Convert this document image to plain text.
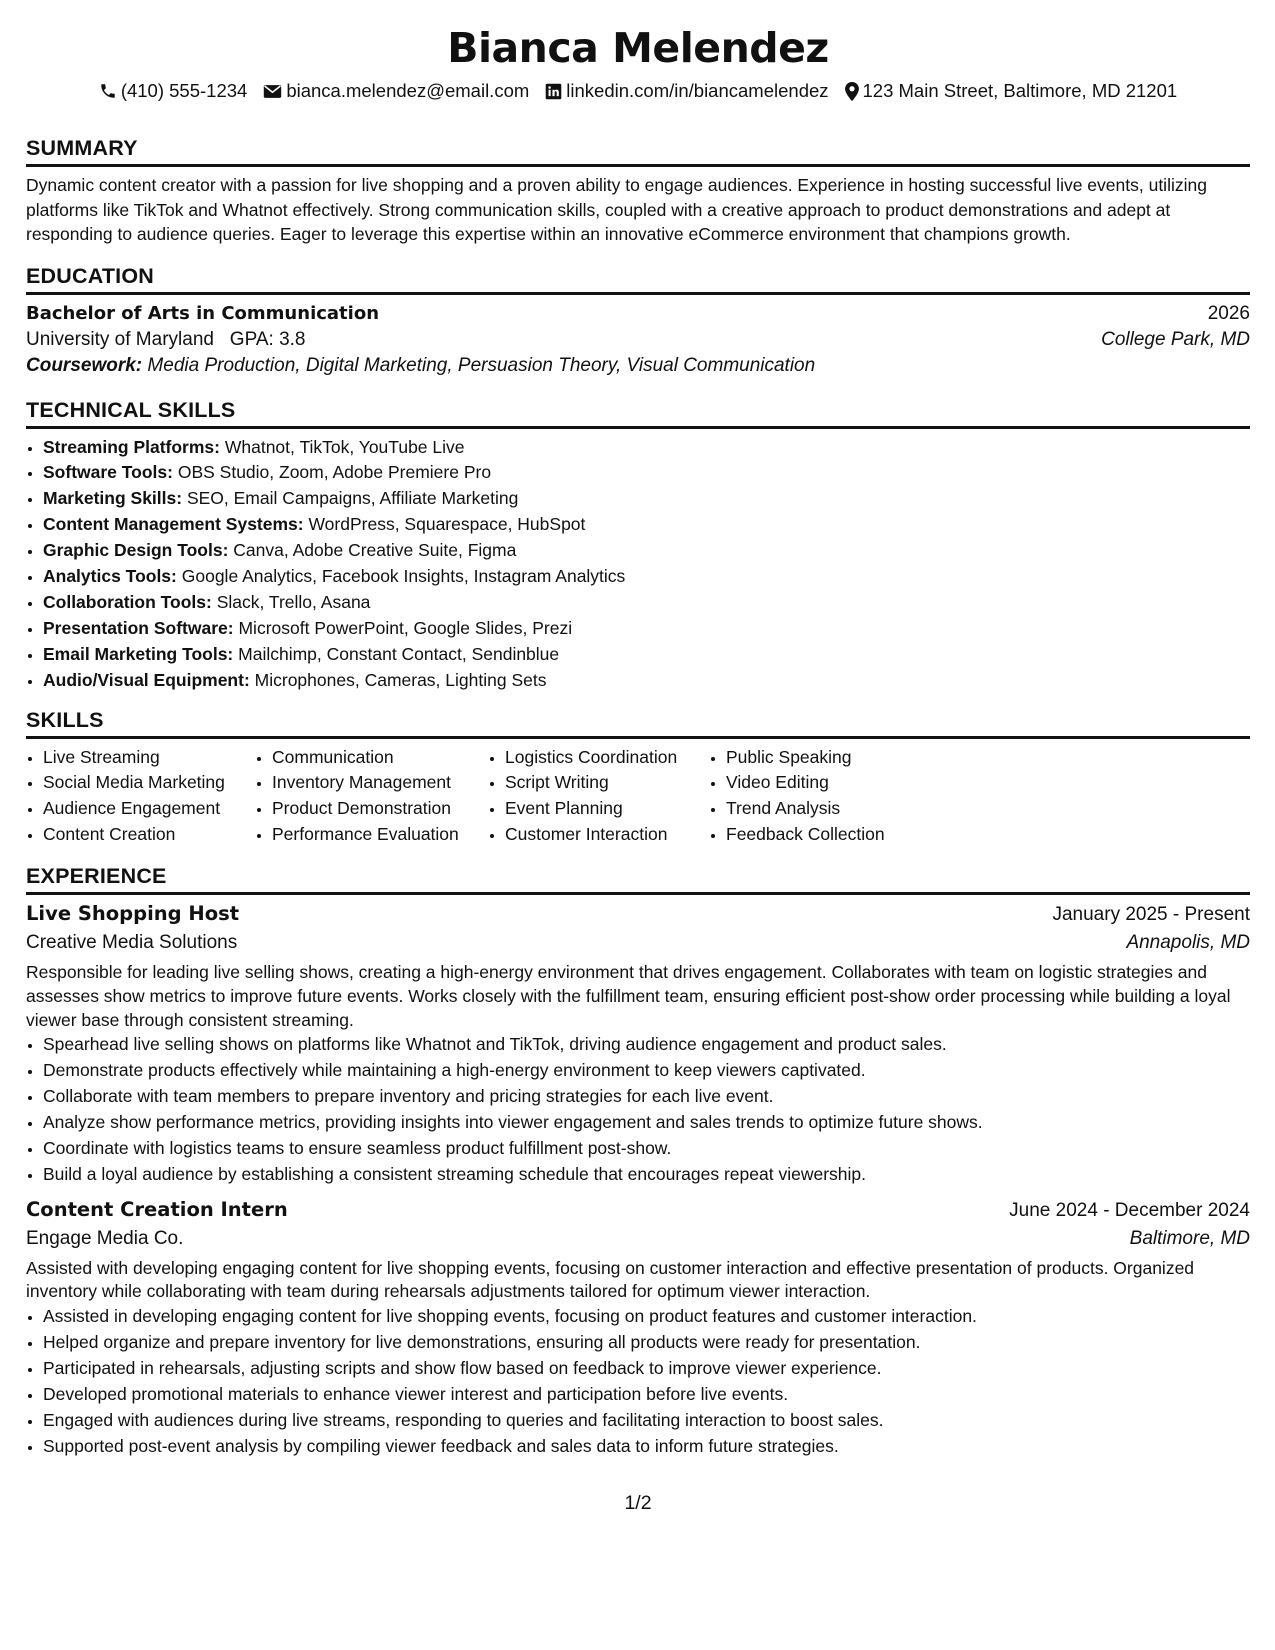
Bianca Melendez
(410) 555-1234 bianca.melendez@email.com linkedin.com/in/biancamelendez 123 Main Street, Baltimore, MD 21201
SUMMARY
Dynamic content creator with a passion for live shopping and a proven ability to engage audiences. Experience in hosting successful live events, utilizing platforms like TikTok and Whatnot effectively. Strong communication skills, coupled with a creative approach to product demonstrations and adept at responding to audience queries. Eager to leverage this expertise within an innovative eCommerce environment that champions growth.
EDUCATION
Bachelor of Arts in Communication	2026
University of Maryland GPA: 3.8	College Park, MD
Coursework: Media Production, Digital Marketing, Persuasion Theory, Visual Communication
TECHNICAL SKILLS
• Streaming Platforms: Whatnot, TikTok, YouTube Live
• Software Tools: OBS Studio, Zoom, Adobe Premiere Pro
• Marketing Skills: SEO, Email Campaigns, Affiliate Marketing
• Content Management Systems: WordPress, Squarespace, HubSpot
• Graphic Design Tools: Canva, Adobe Creative Suite, Figma
• Analytics Tools: Google Analytics, Facebook Insights, Instagram Analytics
• Collaboration Tools: Slack, Trello, Asana
• Presentation Software: Microsoft PowerPoint, Google Slides, Prezi
• Email Marketing Tools: Mailchimp, Constant Contact, Sendinblue
• Audio/Visual Equipment: Microphones, Cameras, Lighting Sets
SKILLS
• Live Streaming
• Social Media Marketing
• Audience Engagement
• Content Creation
• Communication
• Inventory Management
• Product Demonstration
• Performance Evaluation
• Logistics Coordination
• Script Writing
• Event Planning
• Customer Interaction
• Public Speaking
• Video Editing
• Trend Analysis
• Feedback Collection
EXPERIENCE
Live Shopping Host	January 2025 - Present
Creative Media Solutions	Annapolis, MD
Responsible for leading live selling shows, creating a high-energy environment that drives engagement. Collaborates with team on logistic strategies and assesses show metrics to improve future events. Works closely with the fulfillment team, ensuring efficient post-show order processing while building a loyal viewer base through consistent streaming.
• Spearhead live selling shows on platforms like Whatnot and TikTok, driving audience engagement and product sales.
• Demonstrate products effectively while maintaining a high-energy environment to keep viewers captivated.
• Collaborate with team members to prepare inventory and pricing strategies for each live event.
• Analyze show performance metrics, providing insights into viewer engagement and sales trends to optimize future shows.
• Coordinate with logistics teams to ensure seamless product fulfillment post-show.
• Build a loyal audience by establishing a consistent streaming schedule that encourages repeat viewership.
Content Creation Intern	June 2024 - December 2024
Engage Media Co.	Baltimore, MD
Assisted with developing engaging content for live shopping events, focusing on customer interaction and effective presentation of products. Organized inventory while collaborating with team during rehearsals adjustments tailored for optimum viewer interaction.
• Assisted in developing engaging content for live shopping events, focusing on product features and customer interaction.
• Helped organize and prepare inventory for live demonstrations, ensuring all products were ready for presentation.
• Participated in rehearsals, adjusting scripts and show flow based on feedback to improve viewer experience.
• Developed promotional materials to enhance viewer interest and participation before live events.
• Engaged with audiences during live streams, responding to queries and facilitating interaction to boost sales.
• Supported post-event analysis by compiling viewer feedback and sales data to inform future strategies.
1/2
